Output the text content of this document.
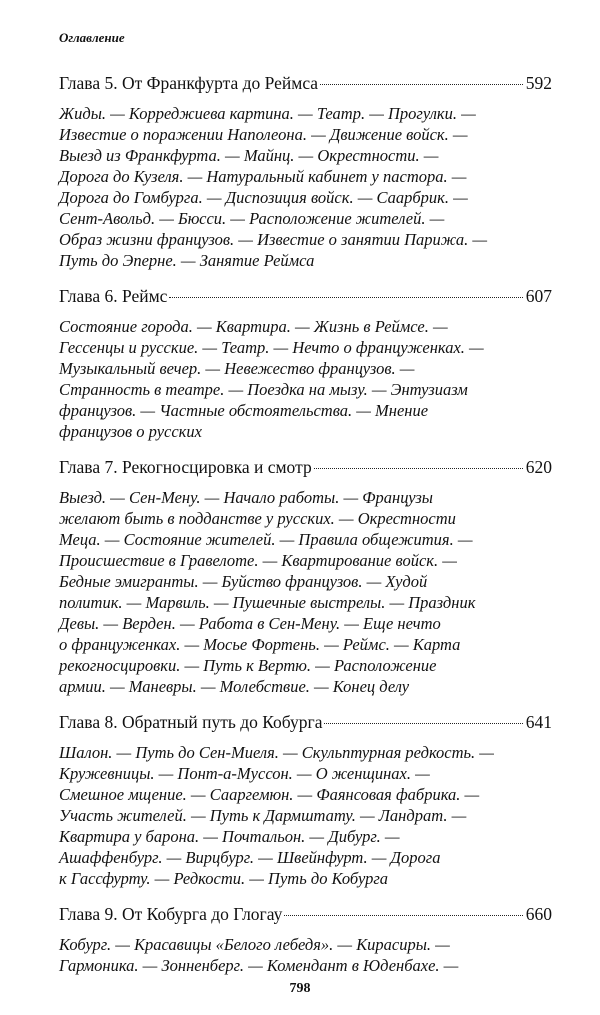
Оглавление
Глава 5. От Франкфурта до Реймса	592
Жиды. — Корреджиева картина. — Театр. — Прогулки. —
Известие о поражении Наполеона. — Движение войск. —
Выезд из Франкфурта. — Майнц. — Окрестности. —
Дорога до Кузеля. — Натуральный кабинет у пастора. —
Дорога до Гомбурга. — Диспозиция войск. — Саарбрик. —
Сент-Авольд. — Бюсси. — Расположение жителей. —
Образ жизни французов. — Известие о занятии Парижа. —
Путь до Эперне. — Занятие Реймса
Глава 6. Реймс	607
Состояние города. — Квартира. — Жизнь в Реймсе. —
Гессенцы и русские. — Театр. — Нечто о француженках. —
Музыкальный вечер. — Невежество французов. —
Странность в театре. — Поездка на мызу. — Энтузиазм
французов. — Частные обстоятельства. — Мнение
французов о русских
Глава 7. Рекогносцировка и смотр	620
Выезд. — Сен-Мену. — Начало работы. — Французы
желают быть в подданстве у русских. — Окрестности
Меца. — Состояние жителей. — Правила общежития. —
Происшествие в Гравелоте. — Квартирование войск. —
Бедные эмигранты. — Буйство французов. — Худой
политик. — Марвиль. — Пушечные выстрелы. — Праздник
Девы. — Верден. — Работа в Сен-Мену. — Еще нечто
о француженках. — Мосье Фортень. — Реймс. — Карта
рекогносцировки. — Путь к Вертю. — Расположение
армии. — Маневры. — Молебствие. — Конец делу
Глава 8. Обратный путь до Кобурга	641
Шалон. — Путь до Сен-Миеля. — Скульптурная редкость. —
Кружевницы. — Понт-а-Муссон. — О женщинах. —
Смешное мщение. — Сааргемюн. — Фаянсовая фабрика. —
Участь жителей. — Путь к Дармштату. — Ландрат. —
Квартира у барона. — Почтальон. — Дибург. —
Ашаффенбург. — Вирцбург. — Швейнфурт. — Дорога
к Гассфурту. — Редкости. — Путь до Кобурга
Глава 9. От Кобурга до Глогау	660
Кобург. — Красавицы «Белого лебедя». — Кирасиры. —
Гармоника. — Зонненберг. — Комендант в Юденбахе. —
798
